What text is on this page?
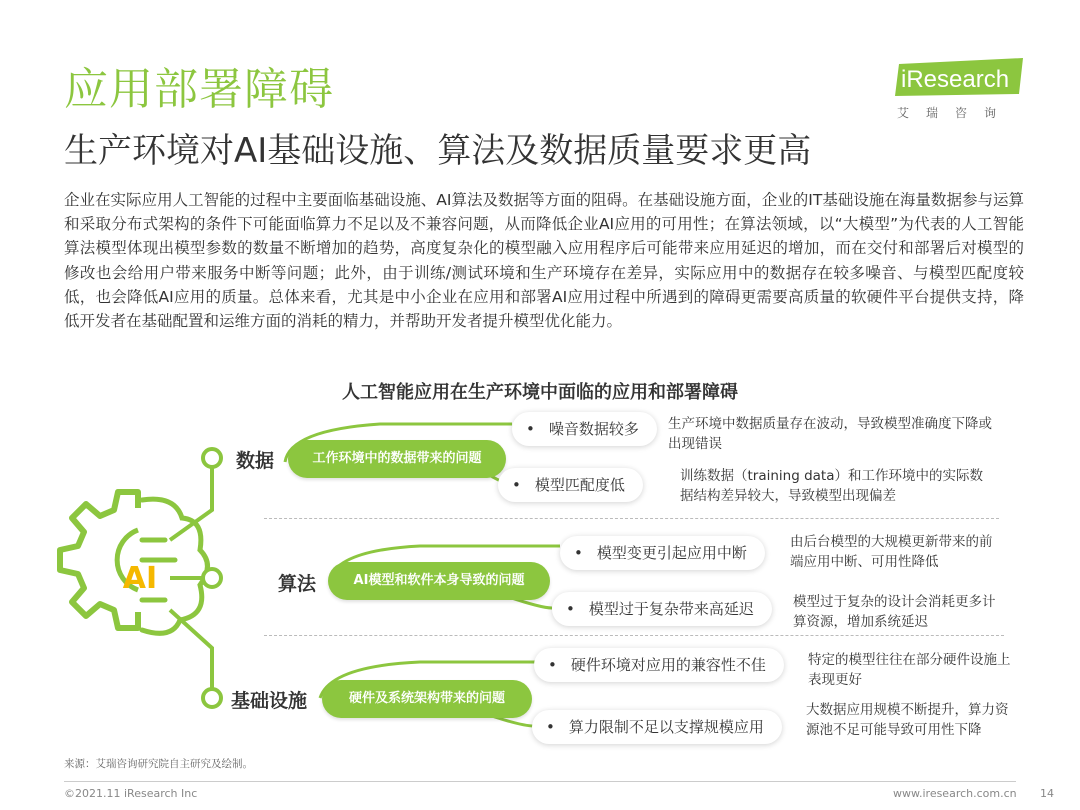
应用部署障碍	iResearch
艾瑞咨询
生产环境对AI基础设施、算法及数据质量要求更高
企业在实际应用人工智能的过程中主要面临基础设施、AI算法及数据等方面的阻碍。在基础设施方面，企业的IT基础设施在海量数据参与运算和采取分布式架构的条件下可能面临算力不足以及不兼容问题，从而降低企业AI应用的可用性；在算法领域，以“大模型”为代表的人工智能算法模型体现出模型参数的数量不断增加的趋势，高度复杂化的模型融入应用程序后可能带来应用延迟的增加，而在交付和部署后对模型的修改也会给用户带来服务中断等问题；此外，由于训练/测试环境和生产环境存在差异，实际应用中的数据存在较多噪音、与模型匹配度较低，也会降低AI应用的质量。总体来看，尤其是中小企业在应用和部署AI应用过程中所遇到的障碍更需要高质量的软硬件平台提供支持，降低开发者在基础配置和运维方面的消耗的精力，并帮助开发者提升模型优化能力。
人工智能应用在生产环境中面临的应用和部署障碍
AI
数据	工作环境中的数据带来的问题
• 噪音数据较多
• 模型匹配度低
生产环境中数据质量存在波动，导致模型准确度下降或出现错误
训练数据（training data）和工作环境中的实际数据结构差异较大，导致模型出现偏差
算法	AI模型和软件本身导致的问题
• 模型变更引起应用中断
• 模型过于复杂带来高延迟
由后台模型的大规模更新带来的前端应用中断、可用性降低
模型过于复杂的设计会消耗更多计算资源，增加系统延迟
基础设施	硬件及系统架构带来的问题
• 硬件环境对应用的兼容性不佳
• 算力限制不足以支撑规模应用
特定的模型往往在部分硬件设施上表现更好
大数据应用规模不断提升，算力资源池不足可能导致可用性下降
来源：艾瑞咨询研究院自主研究及绘制。
©2021.11 iResearch Inc	www.iresearch.com.cn 14
